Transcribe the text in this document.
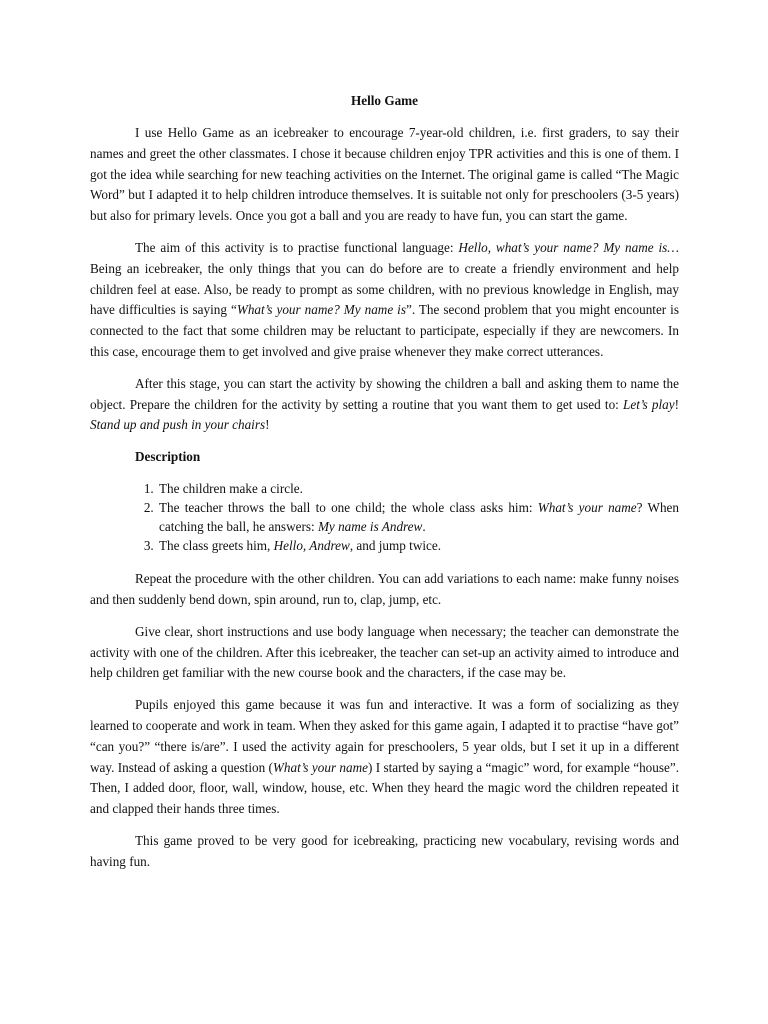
Hello Game

I use Hello Game as an icebreaker to encourage 7-year-old children, i.e. first graders, to say their names and greet the other classmates. I chose it because children enjoy TPR activities and this is one of them. I got the idea while searching for new teaching activities on the Internet. The original game is called “The Magic Word” but I adapted it to help children introduce themselves. It is suitable not only for preschoolers (3-5 years) but also for primary levels. Once you got a ball and you are ready to have fun, you can start the game.

The aim of this activity is to practise functional language: Hello, what’s your name? My name is… Being an icebreaker, the only things that you can do before are to create a friendly environment and help children feel at ease. Also, be ready to prompt as some children, with no previous knowledge in English, may have difficulties is saying “What’s your name? My name is”. The second problem that you might encounter is connected to the fact that some children may be reluctant to participate, especially if they are newcomers. In this case, encourage them to get involved and give praise whenever they make correct utterances.

After this stage, you can start the activity by showing the children a ball and asking them to name the object. Prepare the children for the activity by setting a routine that you want them to get used to: Let’s play! Stand up and push in your chairs!

Description
1. The children make a circle.
2. The teacher throws the ball to one child; the whole class asks him: What’s your name? When catching the ball, he answers: My name is Andrew.
3. The class greets him, Hello, Andrew, and jump twice.

Repeat the procedure with the other children. You can add variations to each name: make funny noises and then suddenly bend down, spin around, run to, clap, jump, etc.

Give clear, short instructions and use body language when necessary; the teacher can demonstrate the activity with one of the children. After this icebreaker, the teacher can set-up an activity aimed to introduce and help children get familiar with the new course book and the characters, if the case may be.

Pupils enjoyed this game because it was fun and interactive. It was a form of socializing as they learned to cooperate and work in team. When they asked for this game again, I adapted it to practise “have got” “can you?” “there is/are”. I used the activity again for preschoolers, 5 year olds, but I set it up in a different way. Instead of asking a question (What’s your name) I started by saying a “magic” word, for example “house”. Then, I added door, floor, wall, window, house, etc. When they heard the magic word the children repeated it and clapped their hands three times.

This game proved to be very good for icebreaking, practicing new vocabulary, revising words and having fun.
